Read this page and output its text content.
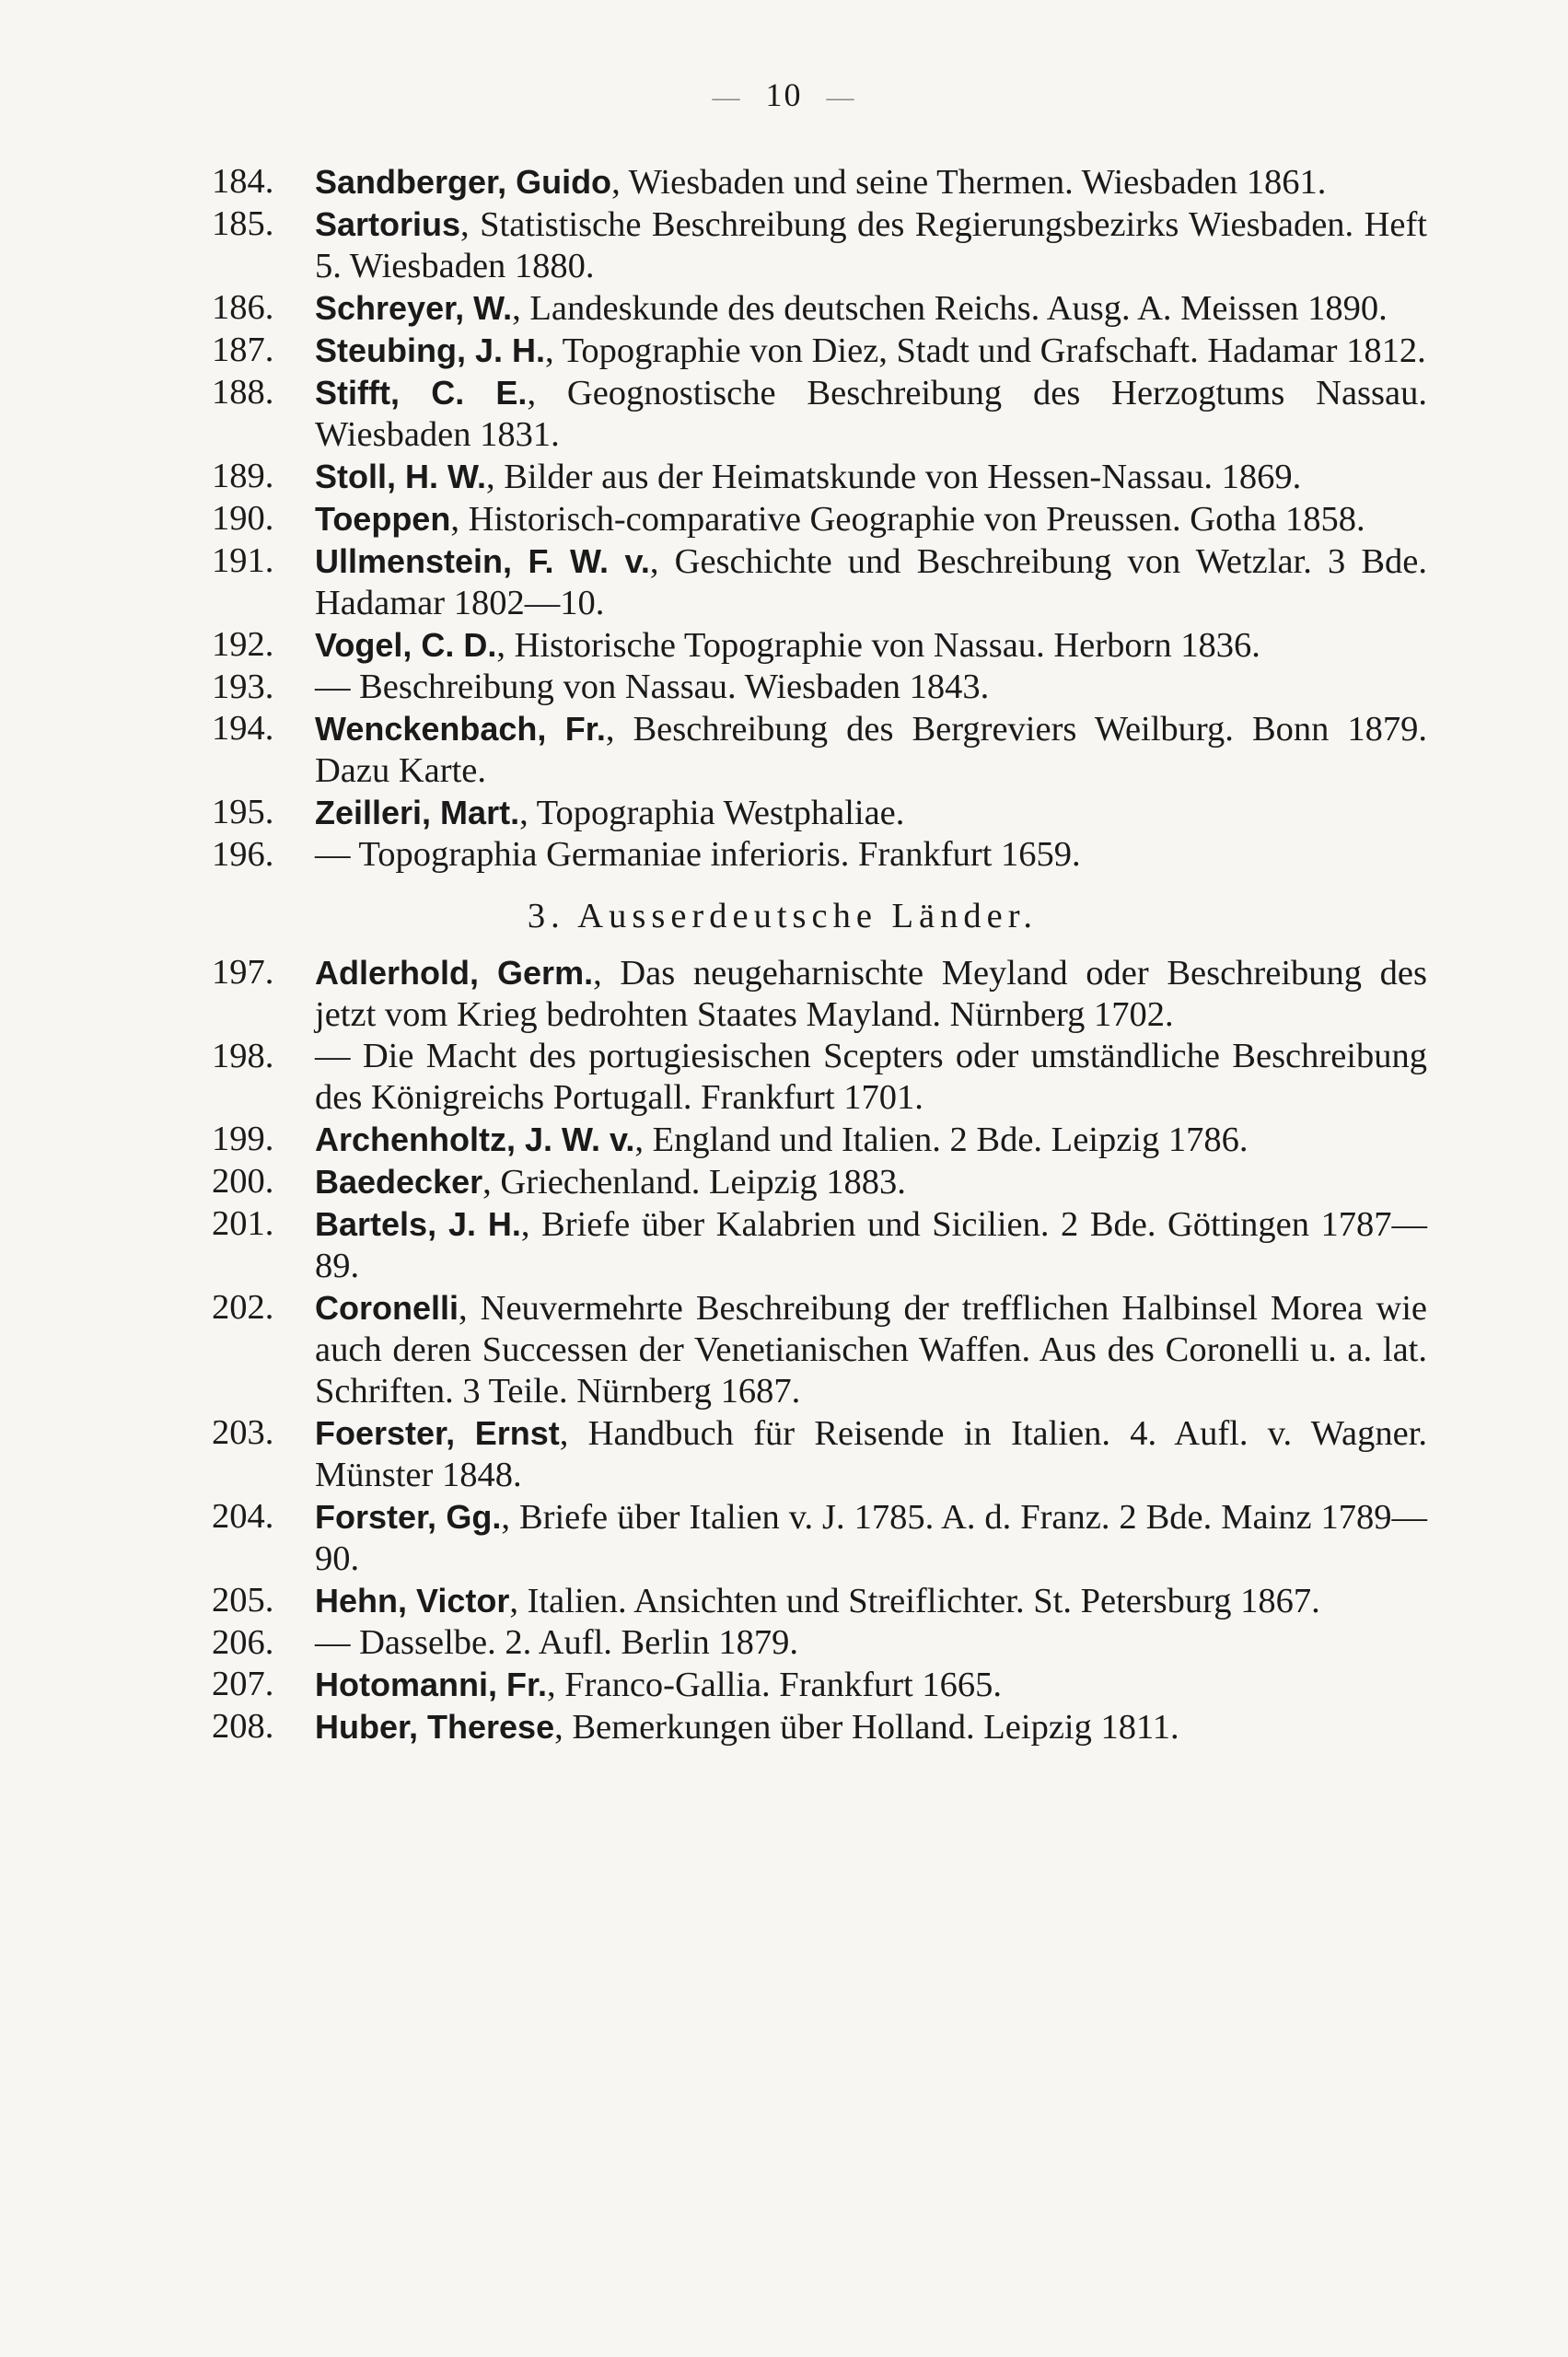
— 10 —
184.	Sandberger, Guido, Wiesbaden und seine Thermen. Wiesbaden 1861.
185.	Sartorius, Statistische Beschreibung des Regierungsbezirks Wiesbaden. Heft 5. Wiesbaden 1880.
186.	Schreyer, W., Landeskunde des deutschen Reichs. Ausg. A. Meissen 1890.
187.	Steubing, J. H., Topographie von Diez, Stadt und Grafschaft. Hadamar 1812.
188.	Stifft, C. E., Geognostische Beschreibung des Herzogtums Nassau. Wiesbaden 1831.
189.	Stoll, H. W., Bilder aus der Heimatskunde von Hessen-Nassau. 1869.
190.	Toeppen, Historisch-comparative Geographie von Preussen. Gotha 1858.
191.	Ullmenstein, F. W. v., Geschichte und Beschreibung von Wetzlar. 3 Bde. Hadamar 1802—10.
192.	Vogel, C. D., Historische Topographie von Nassau. Herborn 1836.
193.	— Beschreibung von Nassau. Wiesbaden 1843.
194.	Wenckenbach, Fr., Beschreibung des Bergreviers Weilburg. Bonn 1879. Dazu Karte.
195.	Zeilleri, Mart., Topographia Westphaliae.
196.	— Topographia Germaniae inferioris. Frankfurt 1659.
3. Ausserdeutsche Länder.
197.	Adlerhold, Germ., Das neugeharnischte Meyland oder Beschreibung des jetzt vom Krieg bedrohten Staates Mayland. Nürnberg 1702.
198.	— Die Macht des portugiesischen Scepters oder umständliche Beschreibung des Königreichs Portugall. Frankfurt 1701.
199.	Archenholtz, J. W. v., England und Italien. 2 Bde. Leipzig 1786.
200.	Baedecker, Griechenland. Leipzig 1883.
201.	Bartels, J. H., Briefe über Kalabrien und Sicilien. 2 Bde. Göttingen 1787—89.
202.	Coronelli, Neuvermehrte Beschreibung der trefflichen Halbinsel Morea wie auch deren Successen der Venetianischen Waffen. Aus des Coronelli u. a. lat. Schriften. 3 Teile. Nürnberg 1687.
203.	Foerster, Ernst, Handbuch für Reisende in Italien. 4. Aufl. v. Wagner. Münster 1848.
204.	Forster, Gg., Briefe über Italien v. J. 1785. A. d. Franz. 2 Bde. Mainz 1789—90.
205.	Hehn, Victor, Italien. Ansichten und Streiflichter. St. Petersburg 1867.
206.	— Dasselbe. 2. Aufl. Berlin 1879.
207.	Hotomanni, Fr., Franco-Gallia. Frankfurt 1665.
208.	Huber, Therese, Bemerkungen über Holland. Leipzig 1811.
